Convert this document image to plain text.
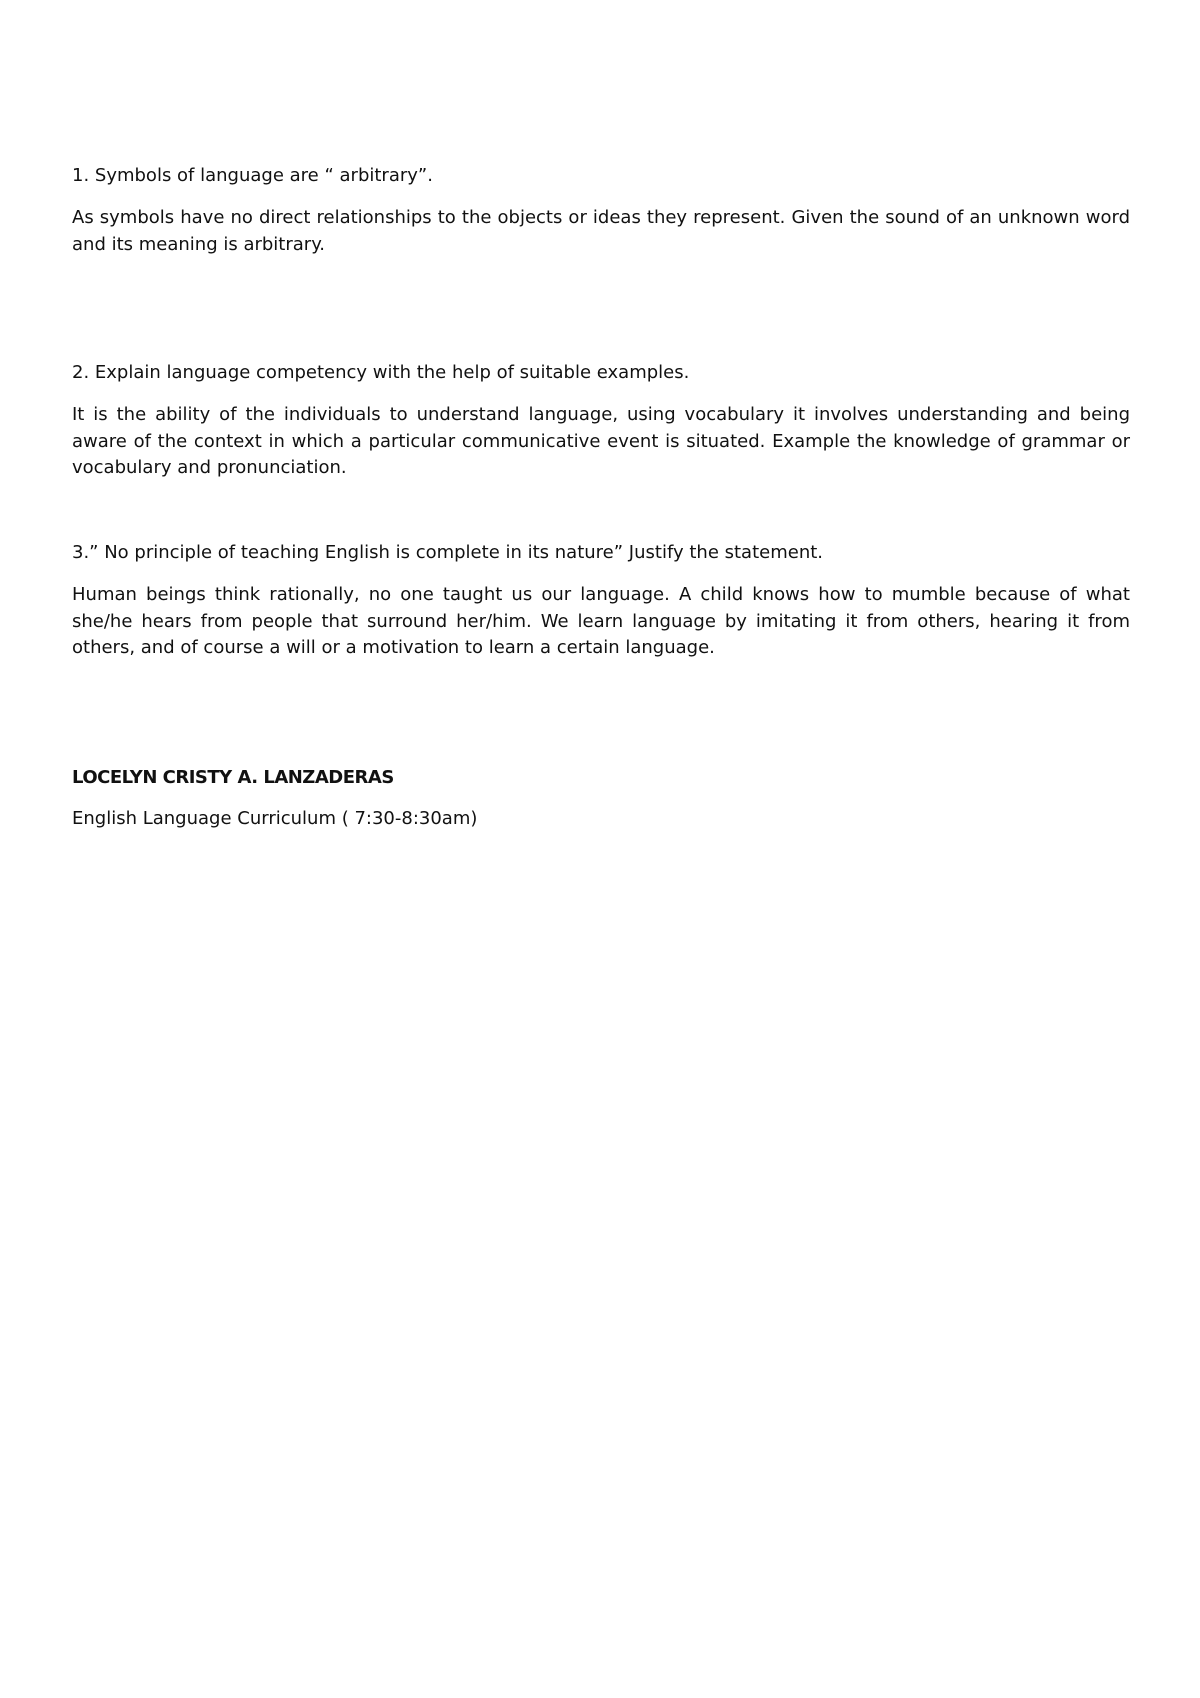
1. Symbols of language are “ arbitrary”.

As symbols have no direct relationships to the objects or ideas they represent. Given the sound of an unknown word and its meaning is arbitrary.

2. Explain language competency with the help of suitable examples.

It is the ability of the individuals to understand language, using vocabulary it involves understanding and being aware of the context in which a particular communicative event is situated. Example the knowledge of grammar or vocabulary and pronunciation.

3.” No principle of teaching English is complete in its nature” Justify the statement.

Human beings think rationally, no one taught us our language. A child knows how to mumble because of what she/he hears from people that surround her/him. We learn language by imitating it from others, hearing it from others, and of course a will or a motivation to learn a certain language.

LOCELYN CRISTY A. LANZADERAS

English Language Curriculum ( 7:30-8:30am)
